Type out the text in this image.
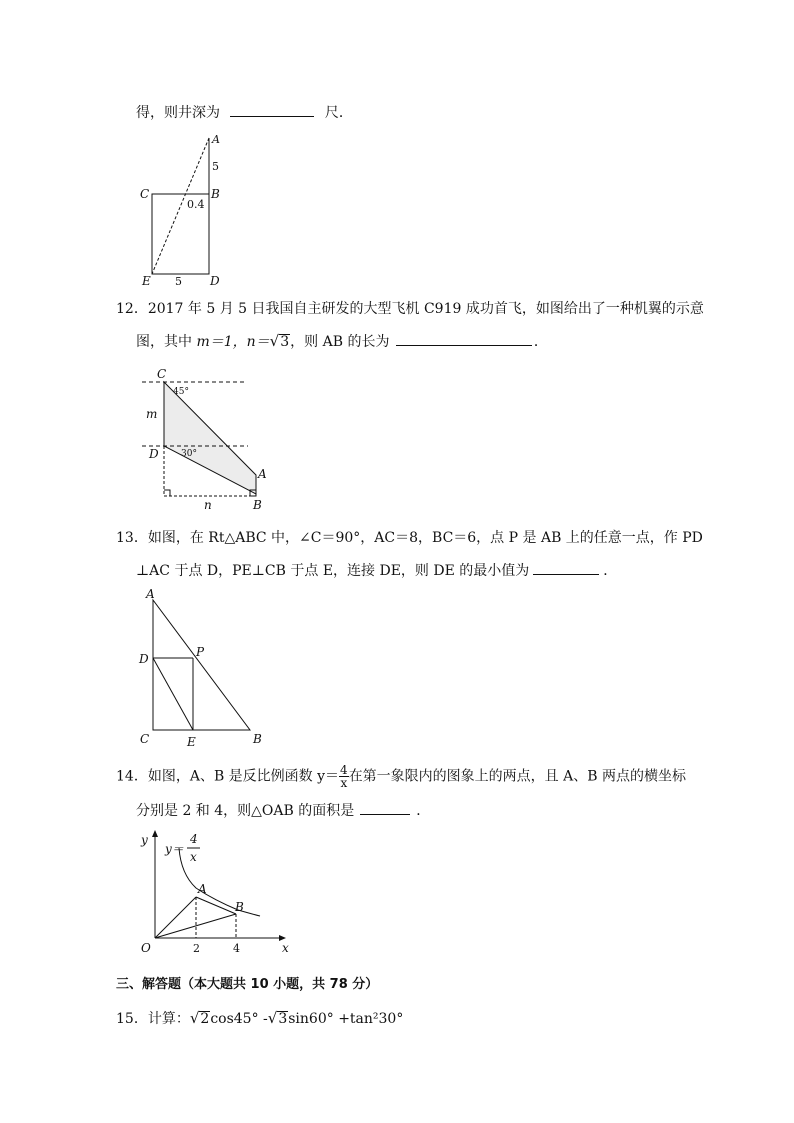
得，则井深为	尺．
A
5
C	B
0.4
E 5 D
12．2017 年 5 月 5 日我国自主研发的大型飞机 C919 成功首飞，如图给出了一种机翼的示意
图，其中 m＝1，n＝√3，则 AB 的长为	．
C
45°
m
D 30°
A
B
n
13．如图，在 Rt△ABC 中，∠C＝90°，AC＝8，BC＝6，点 P 是 AB 上的任意一点，作 PD
⊥AC 于点 D，PE⊥CB 于点 E，连接 DE，则 DE 的最小值为	．
A
D	P
C	E	B
14．如图，A、B 是反比例函数 $y= \frac{4}{x}$ 在第一象限内的图象上的两点，且 A、B 两点的横坐标
分别是 2 和 4，则△OAB 的面积是	．
y
y＝
4
x
A
B
O	2	4	x
三、解答题（本大题共 10 小题，共 78 分）
15．计算：√2cos45° -√3sin60° +tan²30°
